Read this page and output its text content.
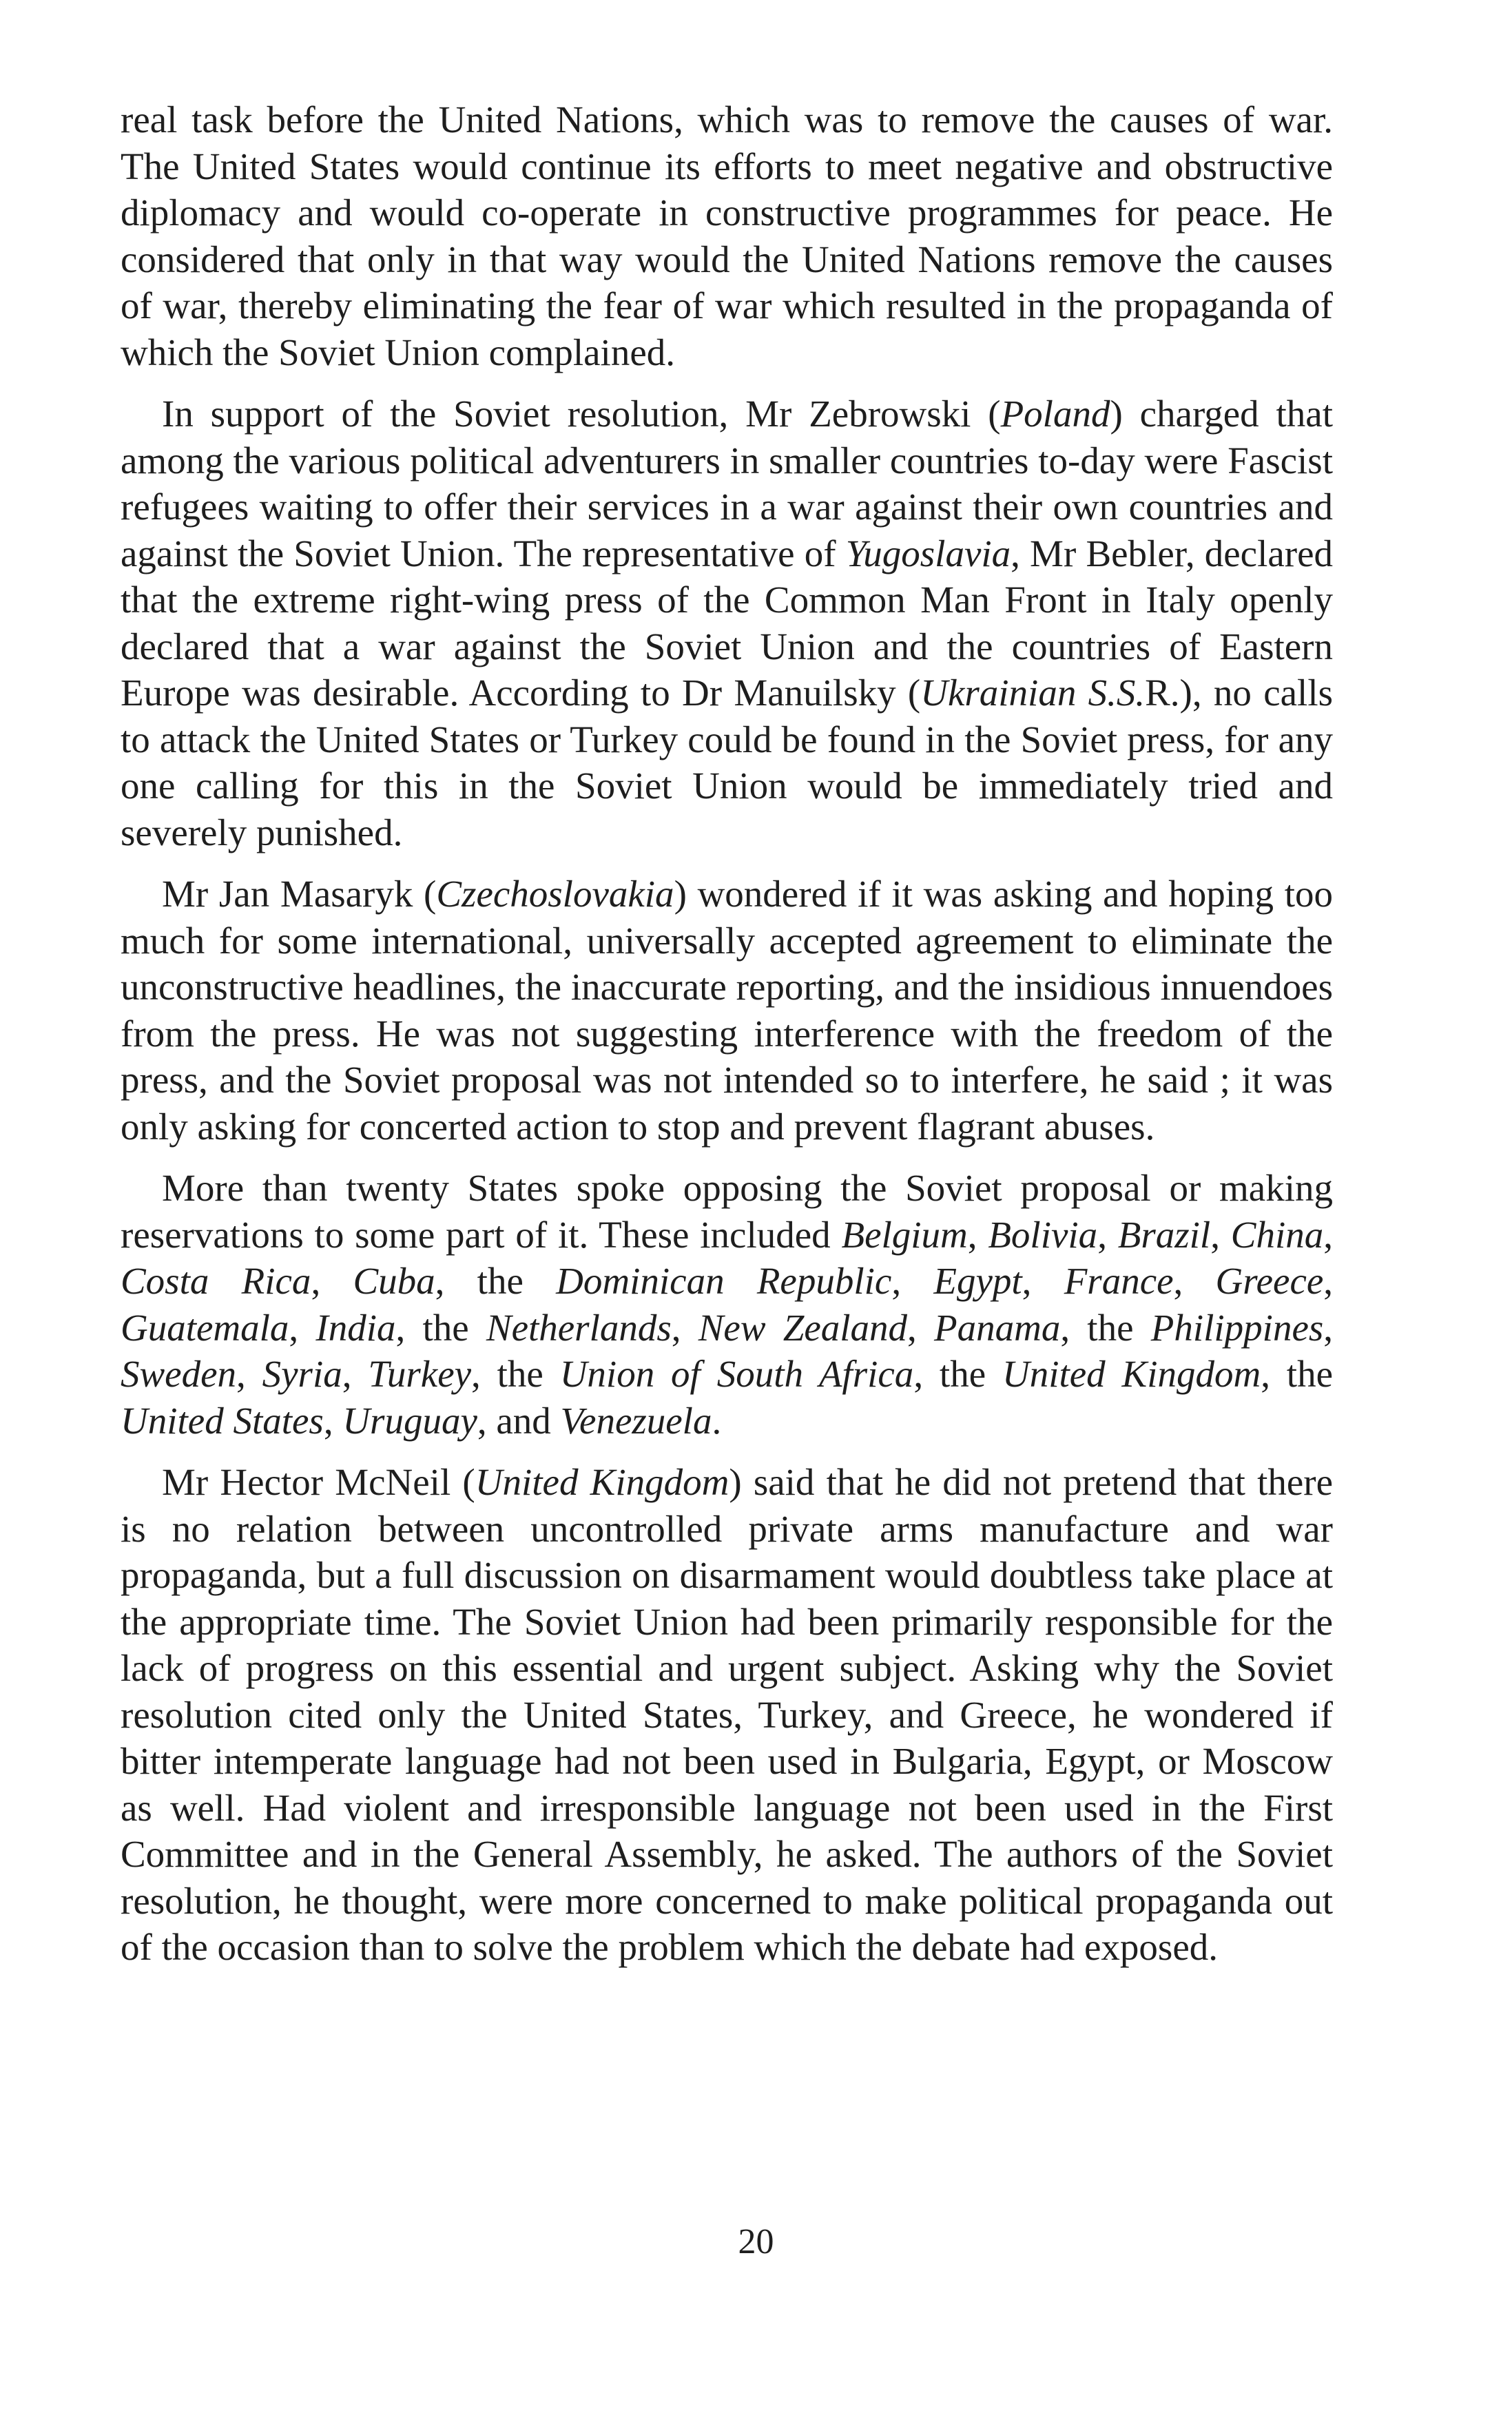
real task before the United Nations, which was to remove the causes of war. The United States would continue its efforts to meet negative and obstructive diplomacy and would co-operate in constructive programmes for peace. He considered that only in that way would the United Nations remove the causes of war, thereby eliminating the fear of war which resulted in the propaganda of which the Soviet Union complained.

In support of the Soviet resolution, Mr Zebrowski (Poland) charged that among the various political adventurers in smaller countries to-day were Fascist refugees waiting to offer their services in a war against their own countries and against the Soviet Union. The representative of Yugoslavia, Mr Bebler, declared that the extreme right-wing press of the Common Man Front in Italy openly declared that a war against the Soviet Union and the countries of Eastern Europe was desirable. According to Dr Manuilsky (Ukrainian S.S.R.), no calls to attack the United States or Turkey could be found in the Soviet press, for any one calling for this in the Soviet Union would be immediately tried and severely punished.

Mr Jan Masaryk (Czechoslovakia) wondered if it was asking and hoping too much for some international, universally accepted agreement to eliminate the unconstructive headlines, the inaccurate reporting, and the insidious innuendoes from the press. He was not suggesting interference with the freedom of the press, and the Soviet proposal was not intended so to interfere, he said ; it was only asking for concerted action to stop and prevent flagrant abuses.

More than twenty States spoke opposing the Soviet proposal or making reservations to some part of it. These included Belgium, Bolivia, Brazil, China, Costa Rica, Cuba, the Dominican Republic, Egypt, France, Greece, Guatemala, India, the Netherlands, New Zealand, Panama, the Philippines, Sweden, Syria, Turkey, the Union of South Africa, the United Kingdom, the United States, Uruguay, and Venezuela.

Mr Hector McNeil (United Kingdom) said that he did not pretend that there is no relation between uncontrolled private arms manufacture and war propaganda, but a full discussion on disarmament would doubtless take place at the appropriate time. The Soviet Union had been primarily responsible for the lack of progress on this essential and urgent subject. Asking why the Soviet resolution cited only the United States, Turkey, and Greece, he wondered if bitter intemperate language had not been used in Bulgaria, Egypt, or Moscow as well. Had violent and irresponsible language not been used in the First Committee and in the General Assembly, he asked. The authors of the Soviet resolution, he thought, were more concerned to make political propaganda out of the occasion than to solve the problem which the debate had exposed.

20
